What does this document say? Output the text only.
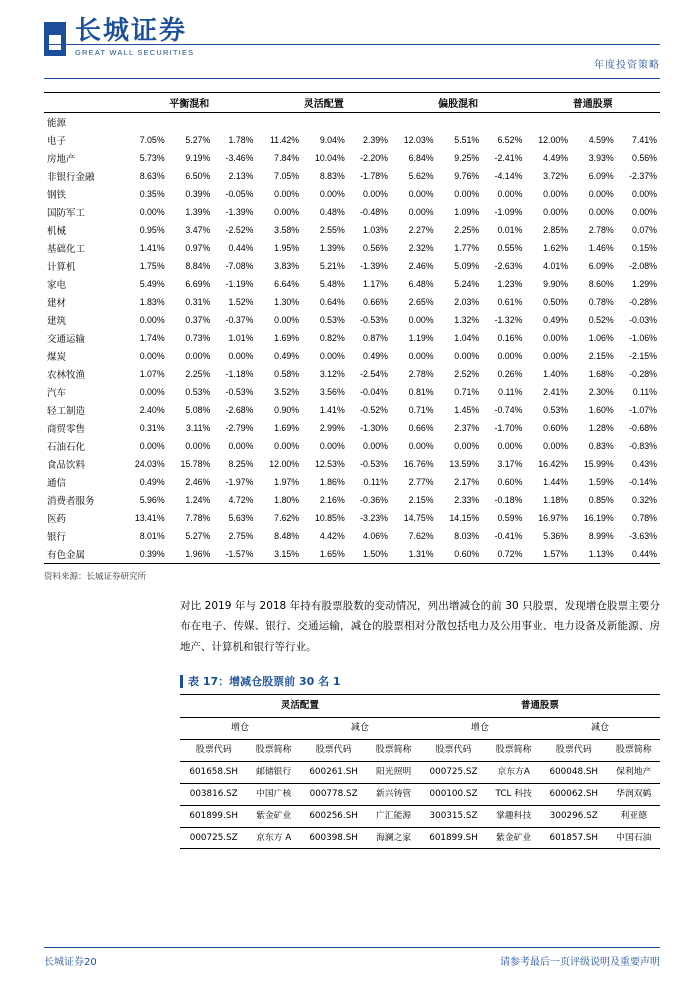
长城证券
GREAT WALL SECURITIES
年度投资策略
	平衡混和			灵活配置			偏股混和			普通股票		
能源												
电子	7.05%	5.27%	1.78%	11.42%	9.04%	2.39%	12.03%	5.51%	6.52%	12.00%	4.59%	7.41%
房地产	5.73%	9.19%	-3.46%	7.84%	10.04%	-2.20%	6.84%	9.25%	-2.41%	4.49%	3.93%	0.56%
非银行金融	8.63%	6.50%	2.13%	7.05%	8.83%	-1.78%	5.62%	9.76%	-4.14%	3.72%	6.09%	-2.37%
钢铁	0.35%	0.39%	-0.05%	0.00%	0.00%	0.00%	0.00%	0.00%	0.00%	0.00%	0.00%	0.00%
国防军工	0.00%	1.39%	-1.39%	0.00%	0.48%	-0.48%	0.00%	1.09%	-1.09%	0.00%	0.00%	0.00%
机械	0.95%	3.47%	-2.52%	3.58%	2.55%	1.03%	2.27%	2.25%	0.01%	2.85%	2.78%	0.07%
基础化工	1.41%	0.97%	0.44%	1.95%	1.39%	0.56%	2.32%	1.77%	0.55%	1.62%	1.46%	0.15%
计算机	1.75%	8.84%	-7.08%	3.83%	5.21%	-1.39%	2.46%	5.09%	-2.63%	4.01%	6.09%	-2.08%
家电	5.49%	6.69%	-1.19%	6.64%	5.48%	1.17%	6.48%	5.24%	1.23%	9.90%	8.60%	1.29%
建材	1.83%	0.31%	1.52%	1.30%	0.64%	0.66%	2.65%	2.03%	0.61%	0.50%	0.78%	-0.28%
建筑	0.00%	0.37%	-0.37%	0.00%	0.53%	-0.53%	0.00%	1.32%	-1.32%	0.49%	0.52%	-0.03%
交通运输	1.74%	0.73%	1.01%	1.69%	0.82%	0.87%	1.19%	1.04%	0.16%	0.00%	1.06%	-1.06%
煤炭	0.00%	0.00%	0.00%	0.49%	0.00%	0.49%	0.00%	0.00%	0.00%	0.00%	2.15%	-2.15%
农林牧渔	1.07%	2.25%	-1.18%	0.58%	3.12%	-2.54%	2.78%	2.52%	0.26%	1.40%	1.68%	-0.28%
汽车	0.00%	0.53%	-0.53%	3.52%	3.56%	-0.04%	0.81%	0.71%	0.11%	2.41%	2.30%	0.11%
轻工制造	2.40%	5.08%	-2.68%	0.90%	1.41%	-0.52%	0.71%	1.45%	-0.74%	0.53%	1.60%	-1.07%
商贸零售	0.31%	3.11%	-2.79%	1.69%	2.99%	-1.30%	0.66%	2.37%	-1.70%	0.60%	1.28%	-0.68%
石油石化	0.00%	0.00%	0.00%	0.00%	0.00%	0.00%	0.00%	0.00%	0.00%	0.00%	0.83%	-0.83%
食品饮料	24.03%	15.78%	8.25%	12.00%	12.53%	-0.53%	16.76%	13.59%	3.17%	16.42%	15.99%	0.43%
通信	0.49%	2.46%	-1.97%	1.97%	1.86%	0.11%	2.77%	2.17%	0.60%	1.44%	1.59%	-0.14%
消费者服务	5.96%	1.24%	4.72%	1.80%	2.16%	-0.36%	2.15%	2.33%	-0.18%	1.18%	0.85%	0.32%
医药	13.41%	7.78%	5.63%	7.62%	10.85%	-3.23%	14.75%	14.15%	0.59%	16.97%	16.19%	0.78%
银行	8.01%	5.27%	2.75%	8.48%	4.42%	4.06%	7.62%	8.03%	-0.41%	5.36%	8.99%	-3.63%
有色金属	0.39%	1.96%	-1.57%	3.15%	1.65%	1.50%	1.31%	0.60%	0.72%	1.57%	1.13%	0.44%
资料来源：长城证券研究所
对比 2019 年与 2018 年持有股票股数的变动情况，列出增减仓的前 30 只股票，发现增仓股票主要分布在电子、传媒、银行、交通运输，减仓的股票相对分散包括电力及公用事业、电力设备及新能源、房地产、计算机和银行等行业。
表 17： 增减仓股票前 30 名 1
灵活配置				普通股票			
增仓		减仓		增仓		减仓	
股票代码	股票简称	股票代码	股票简称	股票代码	股票简称	股票代码	股票简称
601658.SH	邮储银行	600261.SH	阳光照明	000725.SZ	京东方A	600048.SH	保利地产
003816.SZ	中国广核	000778.SZ	新兴铸管	000100.SZ	TCL 科技	600062.SH	华润双鹤
601899.SH	紫金矿业	600256.SH	广汇能源	300315.SZ	掌趣科技	300296.SZ	利亚德
000725.SZ	京东方 A	600398.SH	海澜之家	601899.SH	紫金矿业	601857.SH	中国石油
长城证券20	请参考最后一页评级说明及重要声明
